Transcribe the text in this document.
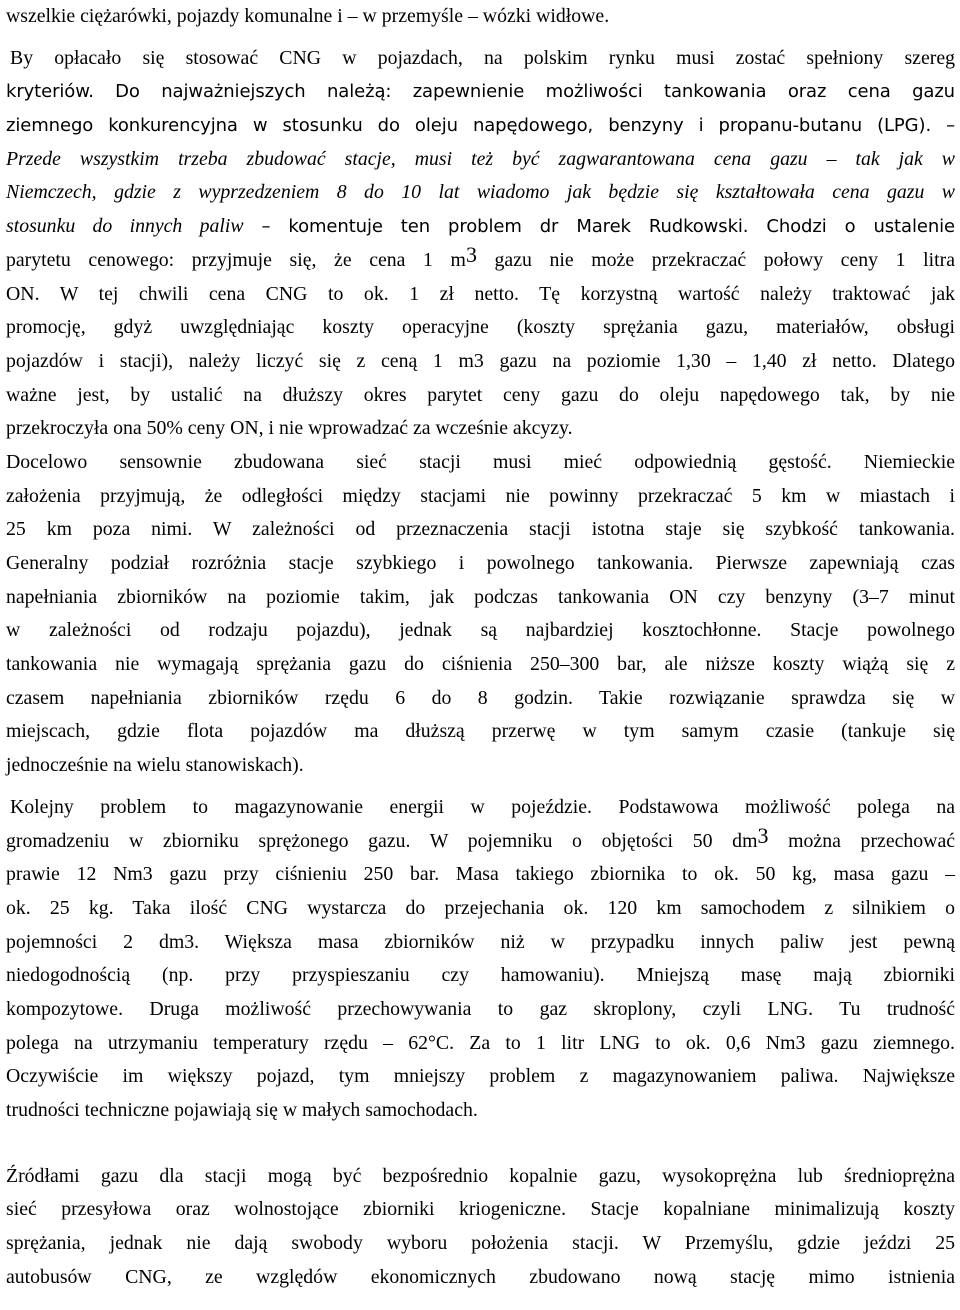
wszelkie ciężarówki, pojazdy komunalne i – w przemyśle – wózki widłowe.
By opłacało się stosować CNG w pojazdach, na polskim rynku musi zostać spełniony szereg
kryteriów. Do najważniejszych należą: zapewnienie możliwości tankowania oraz cena gazu
ziemnego konkurencyjna w stosunku do oleju napędowego, benzyny i propanu-butanu (LPG). –
Przede wszystkim trzeba zbudować stacje, musi też być zagwarantowana cena gazu – tak jak w
Niemczech, gdzie z wyprzedzeniem 8 do 10 lat wiadomo jak będzie się kształtowała cena gazu w
stosunku do innych paliw – komentuje ten problem dr Marek Rudkowski. Chodzi o ustalenie
parytetu cenowego: przyjmuje się, że cena 1 $m^3$ gazu nie może przekraczać połowy ceny 1 litra
ON. W tej chwili cena CNG to ok. 1 zł netto. Tę korzystną wartość należy traktować jak
promocję, gdyż uwzględniając koszty operacyjne (koszty sprężania gazu, materiałów, obsługi
pojazdów i stacji), należy liczyć się z ceną 1 m3 gazu na poziomie 1,30 – 1,40 zł netto. Dlatego
ważne jest, by ustalić na dłuższy okres parytet ceny gazu do oleju napędowego tak, by nie
przekroczyła ona 50% ceny ON, i nie wprowadzać za wcześnie akcyzy.
Docelowo sensownie zbudowana sieć stacji musi mieć odpowiednią gęstość. Niemieckie
założenia przyjmują, że odległości między stacjami nie powinny przekraczać 5 km w miastach i
25 km poza nimi. W zależności od przeznaczenia stacji istotna staje się szybkość tankowania.
Generalny podział rozróżnia stacje szybkiego i powolnego tankowania. Pierwsze zapewniają czas
napełniania zbiorników na poziomie takim, jak podczas tankowania ON czy benzyny (3–7 minut
w zależności od rodzaju pojazdu), jednak są najbardziej kosztochłonne. Stacje powolnego
tankowania nie wymagają sprężania gazu do ciśnienia 250–300 bar, ale niższe koszty wiążą się z
czasem napełniania zbiorników rzędu 6 do 8 godzin. Takie rozwiązanie sprawdza się w
miejscach, gdzie flota pojazdów ma dłuższą przerwę w tym samym czasie (tankuje się
jednocześnie na wielu stanowiskach).
Kolejny problem to magazynowanie energii w pojeździe. Podstawowa możliwość polega na
gromadzeniu w zbiorniku sprężonego gazu. W pojemniku o objętości 50 $dm^3$ można przechować
prawie 12 Nm3 gazu przy ciśnieniu 250 bar. Masa takiego zbiornika to ok. 50 kg, masa gazu –
ok. 25 kg. Taka ilość CNG wystarcza do przejechania ok. 120 km samochodem z silnikiem o
pojemności 2 dm3. Większa masa zbiorników niż w przypadku innych paliw jest pewną
niedogodnością (np. przy przyspieszaniu czy hamowaniu). Mniejszą masę mają zbiorniki
kompozytowe. Druga możliwość przechowywania to gaz skroplony, czyli LNG. Tu trudność
polega na utrzymaniu temperatury rzędu – 62°C. Za to 1 litr LNG to ok. 0,6 Nm3 gazu ziemnego.
Oczywiście im większy pojazd, tym mniejszy problem z magazynowaniem paliwa. Największe
trudności techniczne pojawiają się w małych samochodach.
Źródłami gazu dla stacji mogą być bezpośrednio kopalnie gazu, wysokoprężna lub średnioprężna
sieć przesyłowa oraz wolnostojące zbiorniki kriogeniczne. Stacje kopalniane minimalizują koszty
sprężania, jednak nie dają swobody wyboru położenia stacji. W Przemyślu, gdzie jeździ 25
autobusów CNG, ze względów ekonomicznych zbudowano nową stację mimo istnienia
